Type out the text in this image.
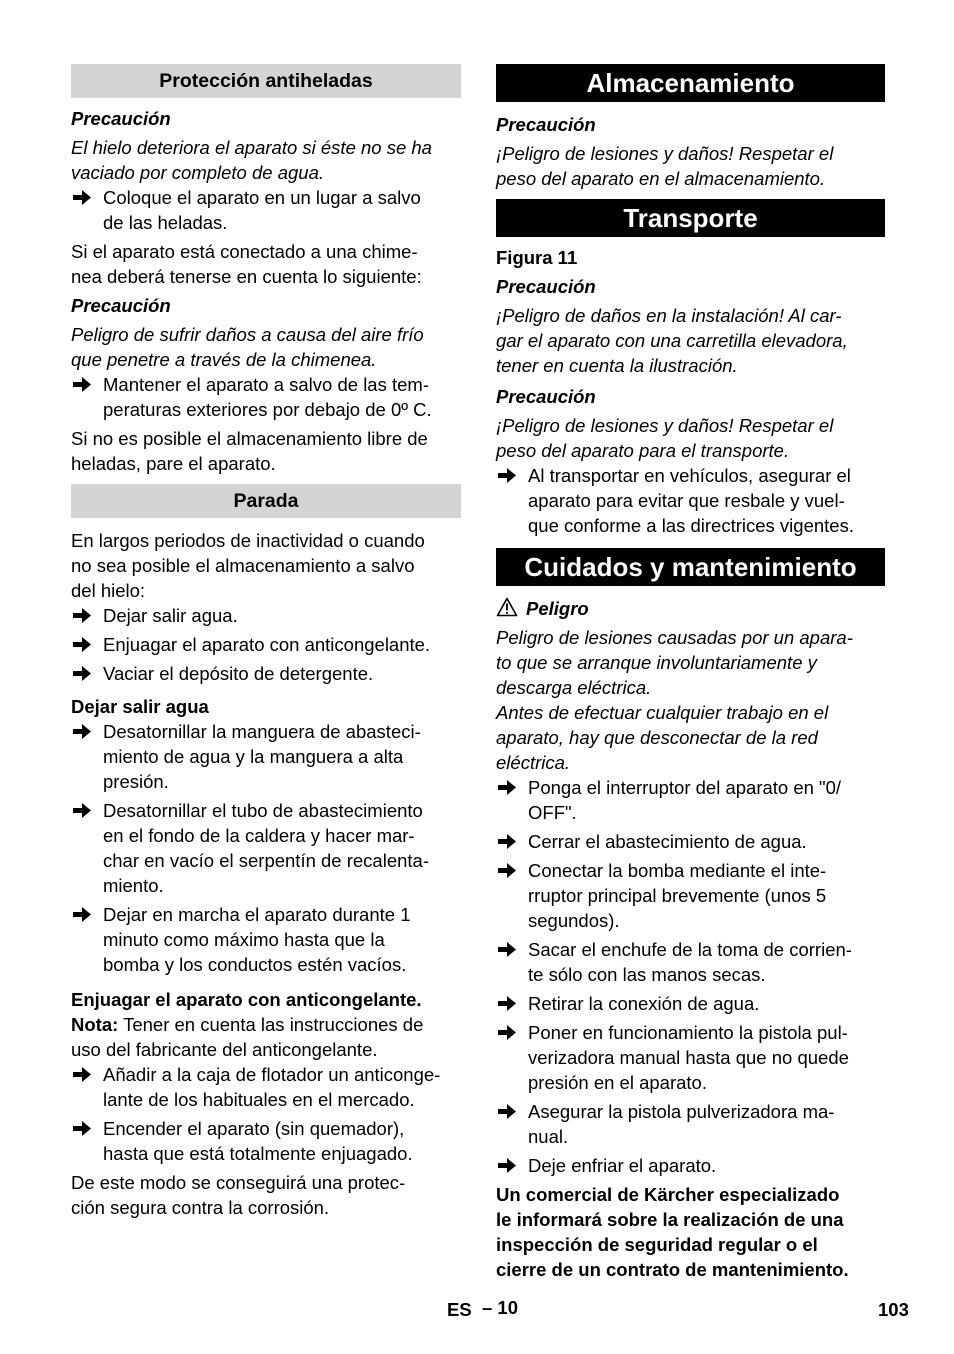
Protección antiheladas
Precaución
El hielo deteriora el aparato si éste no se ha
vaciado por completo de agua.
Coloque el aparato en un lugar a salvo
de las heladas.
Si el aparato está conectado a una chime-
nea deberá tenerse en cuenta lo siguiente:
Precaución
Peligro de sufrir daños a causa del aire frío
que penetre a través de la chimenea.
Mantener el aparato a salvo de las tem-
peraturas exteriores por debajo de 0º C.
Si no es posible el almacenamiento libre de
heladas, pare el aparato.
Parada
En largos periodos de inactividad o cuando
no sea posible el almacenamiento a salvo
del hielo:
Dejar salir agua.
Enjuagar el aparato con anticongelante.
Vaciar el depósito de detergente.
Dejar salir agua
Desatornillar la manguera de abasteci-
miento de agua y la manguera a alta
presión.
Desatornillar el tubo de abastecimiento
en el fondo de la caldera y hacer mar-
char en vacío el serpentín de recalenta-
miento.
Dejar en marcha el aparato durante 1
minuto como máximo hasta que la
bomba y los conductos estén vacíos.
Enjuagar el aparato con anticongelante.
Nota: Tener en cuenta las instrucciones de
uso del fabricante del anticongelante.
Añadir a la caja de flotador un anticonge-
lante de los habituales en el mercado.
Encender el aparato (sin quemador),
hasta que está totalmente enjuagado.
De este modo se conseguirá una protec-
ción segura contra la corrosión.
Almacenamiento
Precaución
¡Peligro de lesiones y daños! Respetar el
peso del aparato en el almacenamiento.
Transporte
Figura 11
Precaución
¡Peligro de daños en la instalación! Al car-
gar el aparato con una carretilla elevadora,
tener en cuenta la ilustración.
Precaución
¡Peligro de lesiones y daños! Respetar el
peso del aparato para el transporte.
Al transportar en vehículos, asegurar el
aparato para evitar que resbale y vuel-
que conforme a las directrices vigentes.
Cuidados y mantenimiento
Peligro
Peligro de lesiones causadas por un apara-
to que se arranque involuntariamente y
descarga eléctrica.
Antes de efectuar cualquier trabajo en el
aparato, hay que desconectar de la red
eléctrica.
Ponga el interruptor del aparato en "0/
OFF".
Cerrar el abastecimiento de agua.
Conectar la bomba mediante el inte-
rruptor principal brevemente (unos 5
segundos).
Sacar el enchufe de la toma de corrien-
te sólo con las manos secas.
Retirar la conexión de agua.
Poner en funcionamiento la pistola pul-
verizadora manual hasta que no quede
presión en el aparato.
Asegurar la pistola pulverizadora ma-
nual.
Deje enfriar el aparato.
Un comercial de Kärcher especializado
le informará sobre la realización de una
inspección de seguridad regular o el
cierre de un contrato de mantenimiento.
ES – 10	103
